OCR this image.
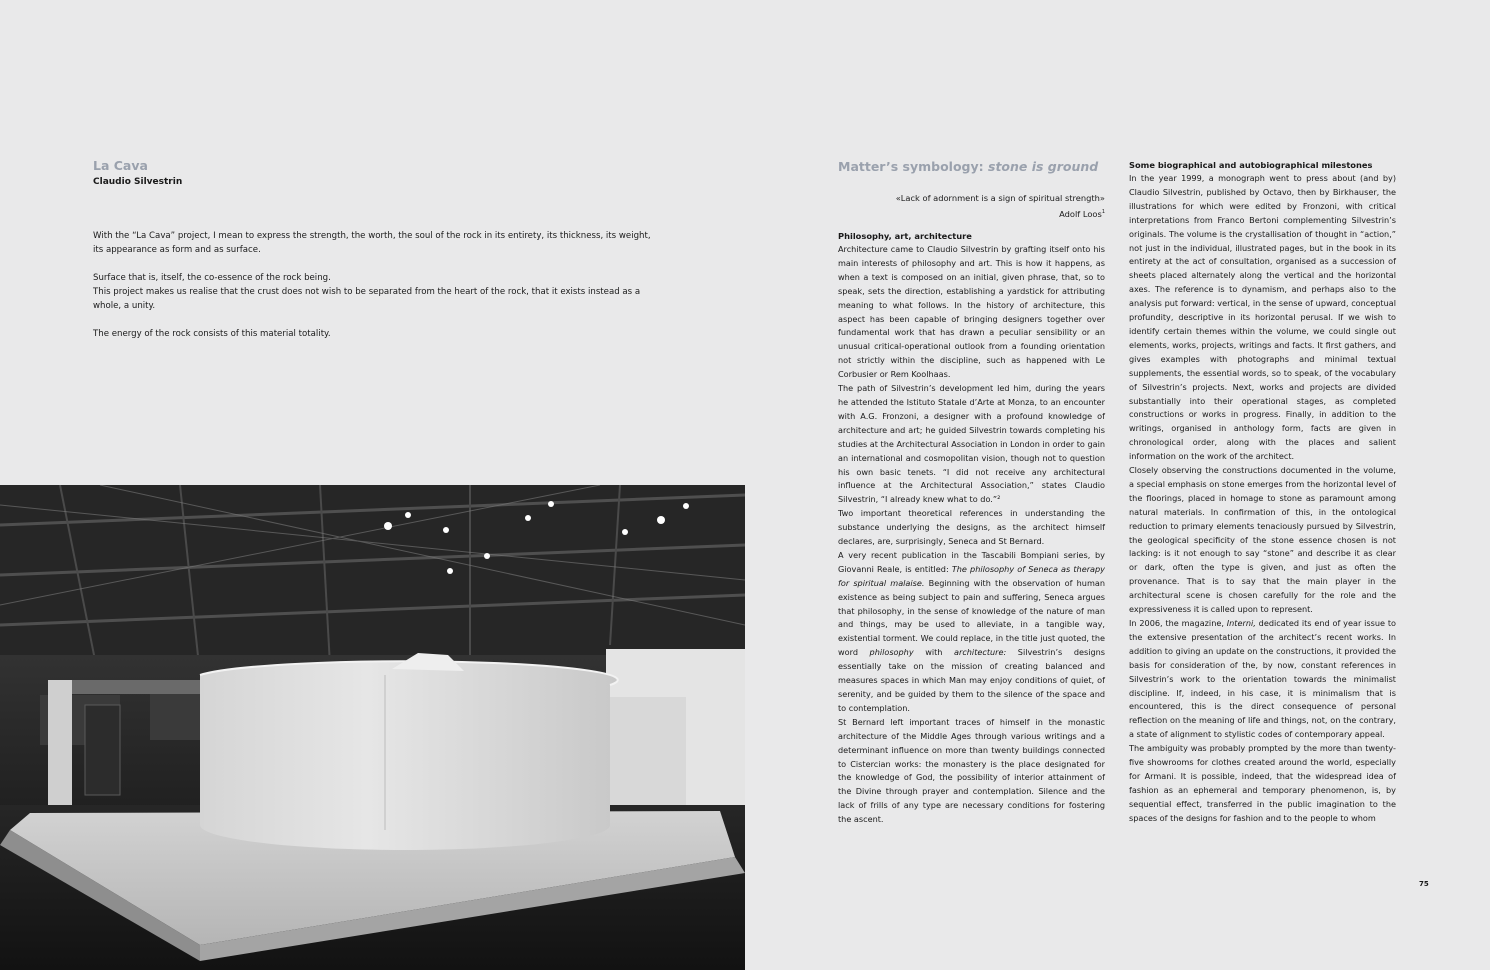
La Cava
Claudio Silvestrin

With the “La Cava” project, I mean to express the strength, the worth, the soul of the rock in its entirety, its thickness, its weight, its appearance as form and as surface.

Surface that is, itself, the co-essence of the rock being.
This project makes us realise that the crust does not wish to be separated from the heart of the rock, that it exists instead as a whole, a unity.

The energy of the rock consists of this material totality.

Matter’s symbology: stone is ground
«Lack of adornment is a sign of spiritual strength»
Adolf Loos$^1$
Philosophy, art, architecture

Architecture came to Claudio Silvestrin by grafting itself onto his main interests of philosophy and art. This is how it happens, as when a text is composed on an initial, given phrase, that, so to speak, sets the direction, establishing a yardstick for attributing meaning to what follows. In the history of architecture, this aspect has been capable of bringing designers together over fundamental work that has drawn a peculiar sensibility or an unusual critical-operational outlook from a founding orientation not strictly within the discipline, such as happened with Le Corbusier or Rem Koolhaas.

The path of Silvestrin’s development led him, during the years he attended the Istituto Statale d’Arte at Monza, to an encounter with A.G. Fronzoni, a designer with a profound knowledge of architecture and art; he guided Silvestrin towards completing his studies at the Architectural Association in London in order to gain an international and cosmopolitan vision, though not to question his own basic tenets. “I did not receive any architectural influence at the Architectural Association,” states Claudio Silvestrin, “I already knew what to do.”²

Two important theoretical references in understanding the substance underlying the designs, as the architect himself declares, are, surprisingly, Seneca and St Bernard.

A very recent publication in the Tascabili Bompiani series, by Giovanni Reale, is entitled: The philosophy of Seneca as therapy for spiritual malaise. Beginning with the observation of human existence as being subject to pain and suffering, Seneca argues that philosophy, in the sense of knowledge of the nature of man and things, may be used to alleviate, in a tangible way, existential torment. We could replace, in the title just quoted, the word philosophy with architecture: Silvestrin’s designs essentially take on the mission of creating balanced and measures spaces in which Man may enjoy conditions of quiet, of serenity, and be guided by them to the silence of the space and to contemplation.

St Bernard left important traces of himself in the monastic architecture of the Middle Ages through various writings and a determinant influence on more than twenty buildings connected to Cistercian works: the monastery is the place designated for the knowledge of God, the possibility of interior attainment of the Divine through prayer and contemplation. Silence and the lack of frills of any type are necessary conditions for fostering the ascent.

Some biographical and autobiographical milestones

In the year 1999, a monograph went to press about (and by) Claudio Silvestrin, published by Octavo, then by Birkhauser, the illustrations for which were edited by Fronzoni, with critical interpretations from Franco Bertoni complementing Silvestrin’s originals. The volume is the crystallisation of thought in “action,” not just in the individual, illustrated pages, but in the book in its entirety at the act of consultation, organised as a succession of sheets placed alternately along the vertical and the horizontal axes. The reference is to dynamism, and perhaps also to the analysis put forward: vertical, in the sense of upward, conceptual profundity, descriptive in its horizontal perusal. If we wish to identify certain themes within the volume, we could single out elements, works, projects, writings and facts. It first gathers, and gives examples with photographs and minimal textual supplements, the essential words, so to speak, of the vocabulary of Silvestrin’s projects. Next, works and projects are divided substantially into their operational stages, as completed constructions or works in progress. Finally, in addition to the writings, organised in anthology form, facts are given in chronological order, along with the places and salient information on the work of the architect.

Closely observing the constructions documented in the volume, a special emphasis on stone emerges from the horizontal level of the floorings, placed in homage to stone as paramount among natural materials. In confirmation of this, in the ontological reduction to primary elements tenaciously pursued by Silvestrin, the geological specificity of the stone essence chosen is not lacking: is it not enough to say “stone” and describe it as clear or dark, often the type is given, and just as often the provenance. That is to say that the main player in the architectural scene is chosen carefully for the role and the expressiveness it is called upon to represent.

In 2006, the magazine, Interni, dedicated its end of year issue to the extensive presentation of the architect’s recent works. In addition to giving an update on the constructions, it provided the basis for consideration of the, by now, constant references in Silvestrin’s work to the orientation towards the minimalist discipline. If, indeed, in his case, it is minimalism that is encountered, this is the direct consequence of personal reflection on the meaning of life and things, not, on the contrary, a state of alignment to stylistic codes of contemporary appeal.

The ambiguity was probably prompted by the more than twenty-five showrooms for clothes created around the world, especially for Armani. It is possible, indeed, that the widespread idea of fashion as an ephemeral and temporary phenomenon, is, by sequential effect, transferred in the public imagination to the spaces of the designs for fashion and to the people to whom

75
